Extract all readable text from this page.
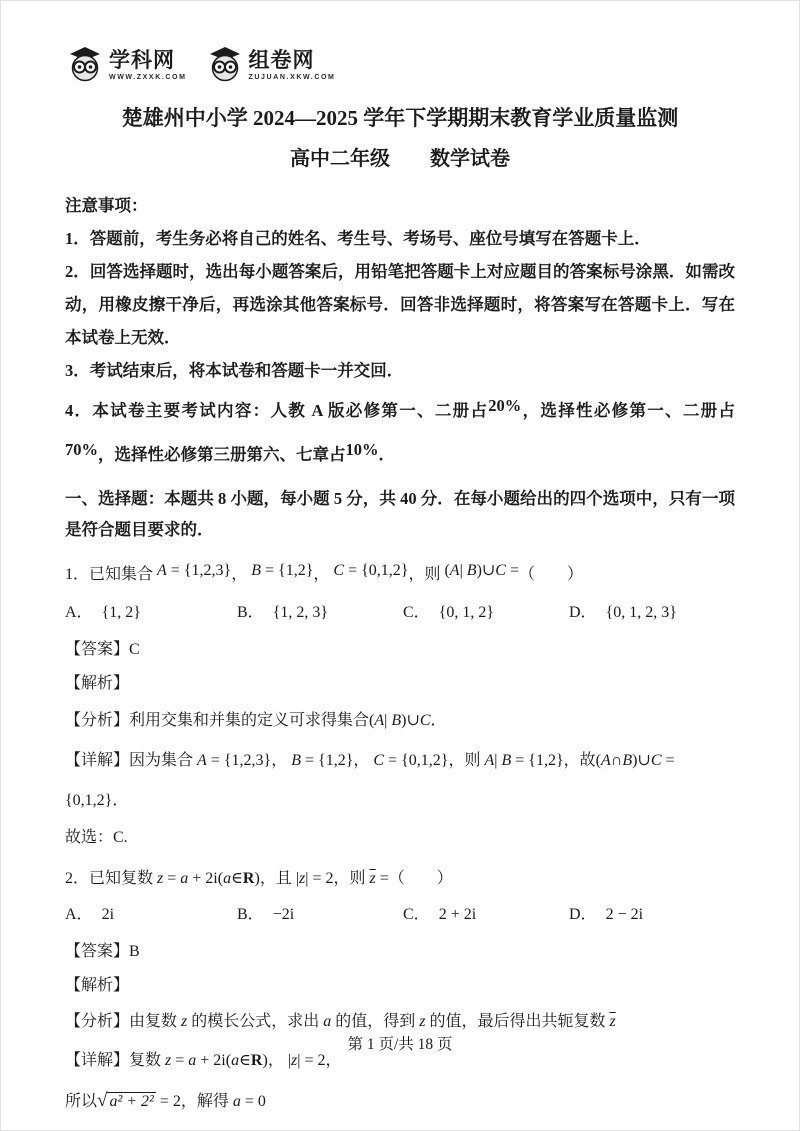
学科网
WWW.ZXXK.COM
组卷网
ZUJUAN.XKW.COM
楚雄州中小学 2024—2025 学年下学期期末教育学业质量监测
高中二年级　　数学试卷

注意事项：

1．答题前，考生务必将自己的姓名、考生号、考场号、座位号填写在答题卡上．

2．回答选择题时，选出每小题答案后，用铅笔把答题卡上对应题目的答案标号涂黑．如需改动，用橡皮擦干净后，再选涂其他答案标号．回答非选择题时，将答案写在答题卡上．写在本试卷上无效．

3．考试结束后，将本试卷和答题卡一并交回．

4．本试卷主要考试内容：人教 A 版必修第一、二册占20%，选择性必修第一、二册占70%，选择性必修第三册第六、七章占10%．

一、选择题：本题共 8 小题，每小题 5 分，共 40 分．在每小题给出的四个选项中，只有一项是符合题目要求的．

1．已知集合 A = {1,2,3}， B = {1,2}， C = {0,1,2}，则 (A| B)∪C =（　　）

A． {1, 2}	B． {1, 2, 3}	C． {0, 1, 2}	D． {0, 1, 2, 3}

【答案】C

【解析】

【分析】利用交集和并集的定义可求得集合(A| B)∪C．

【详解】因为集合 A = {1,2,3}， B = {1,2}， C = {0,1,2}，则 A| B = {1,2}，故(A∩B)∪C = {0,1,2}．

故选：C.

2．已知复数 z = a + 2i(a∈R)，且 |z| = 2，则 $\overline{z}$ =（　　）

A． 2i	B． −2i	C． 2 + 2i	D． 2 − 2i

【答案】B

【解析】

【分析】由复数 z 的模长公式，求出 a 的值，得到 z 的值，最后得出共轭复数 $\overline{z}$

【详解】复数 z = a + 2i(a∈R)， |z| = 2，

所以√ a² + 2² = 2，解得 a = 0

第 1 页/共 18 页
